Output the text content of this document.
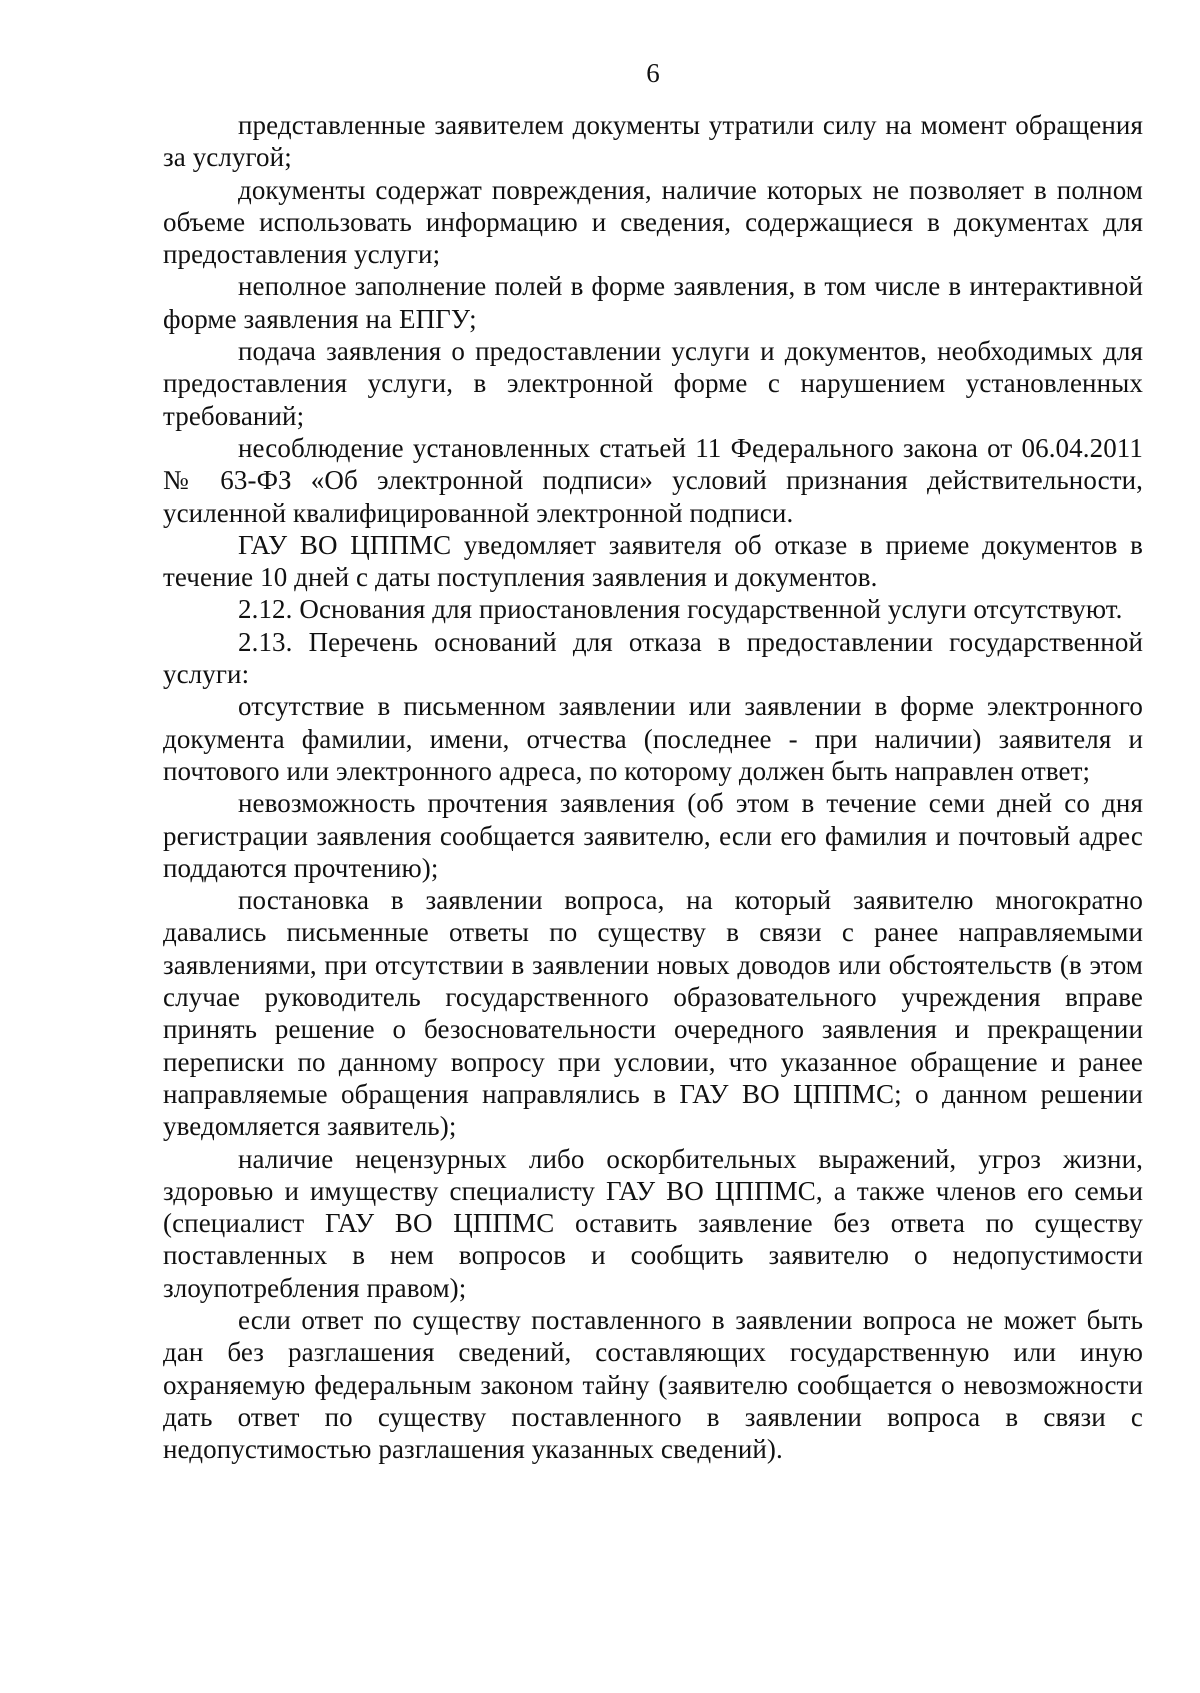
6

представленные заявителем документы утратили силу на момент обращения за услугой;

документы содержат повреждения, наличие которых не позволяет в полном объеме использовать информацию и сведения, содержащиеся в документах для предоставления услуги;

неполное заполнение полей в форме заявления, в том числе в интерактивной форме заявления на ЕПГУ;

подача заявления о предоставлении услуги и документов, необходимых для предоставления услуги, в электронной форме с нарушением установленных требований;

несоблюдение установленных статьей 11 Федерального закона от 06.04.2011 № 63-ФЗ «Об электронной подписи» условий признания действительности, усиленной квалифицированной электронной подписи.

ГАУ ВО ЦППМС уведомляет заявителя об отказе в приеме документов в течение 10 дней с даты поступления заявления и документов.

2.12. Основания для приостановления государственной услуги отсутствуют.

2.13. Перечень оснований для отказа в предоставлении государственной услуги:

отсутствие в письменном заявлении или заявлении в форме электронного документа фамилии, имени, отчества (последнее - при наличии) заявителя и почтового или электронного адреса, по которому должен быть направлен ответ;

невозможность прочтения заявления (об этом в течение семи дней со дня регистрации заявления сообщается заявителю, если его фамилия и почтовый адрес поддаются прочтению);

постановка в заявлении вопроса, на который заявителю многократно давались письменные ответы по существу в связи с ранее направляемыми заявлениями, при отсутствии в заявлении новых доводов или обстоятельств (в этом случае руководитель государственного образовательного учреждения вправе принять решение о безосновательности очередного заявления и прекращении переписки по данному вопросу при условии, что указанное обращение и ранее направляемые обращения направлялись в ГАУ ВО ЦППМС; о данном решении уведомляется заявитель);

наличие нецензурных либо оскорбительных выражений, угроз жизни, здоровью и имуществу специалисту ГАУ ВО ЦППМС, а также членов его семьи (специалист ГАУ ВО ЦППМС оставить заявление без ответа по существу поставленных в нем вопросов и сообщить заявителю о недопустимости злоупотребления правом);

если ответ по существу поставленного в заявлении вопроса не может быть дан без разглашения сведений, составляющих государственную или иную охраняемую федеральным законом тайну (заявителю сообщается о невозможности дать ответ по существу поставленного в заявлении вопроса в связи с недопустимостью разглашения указанных сведений).
